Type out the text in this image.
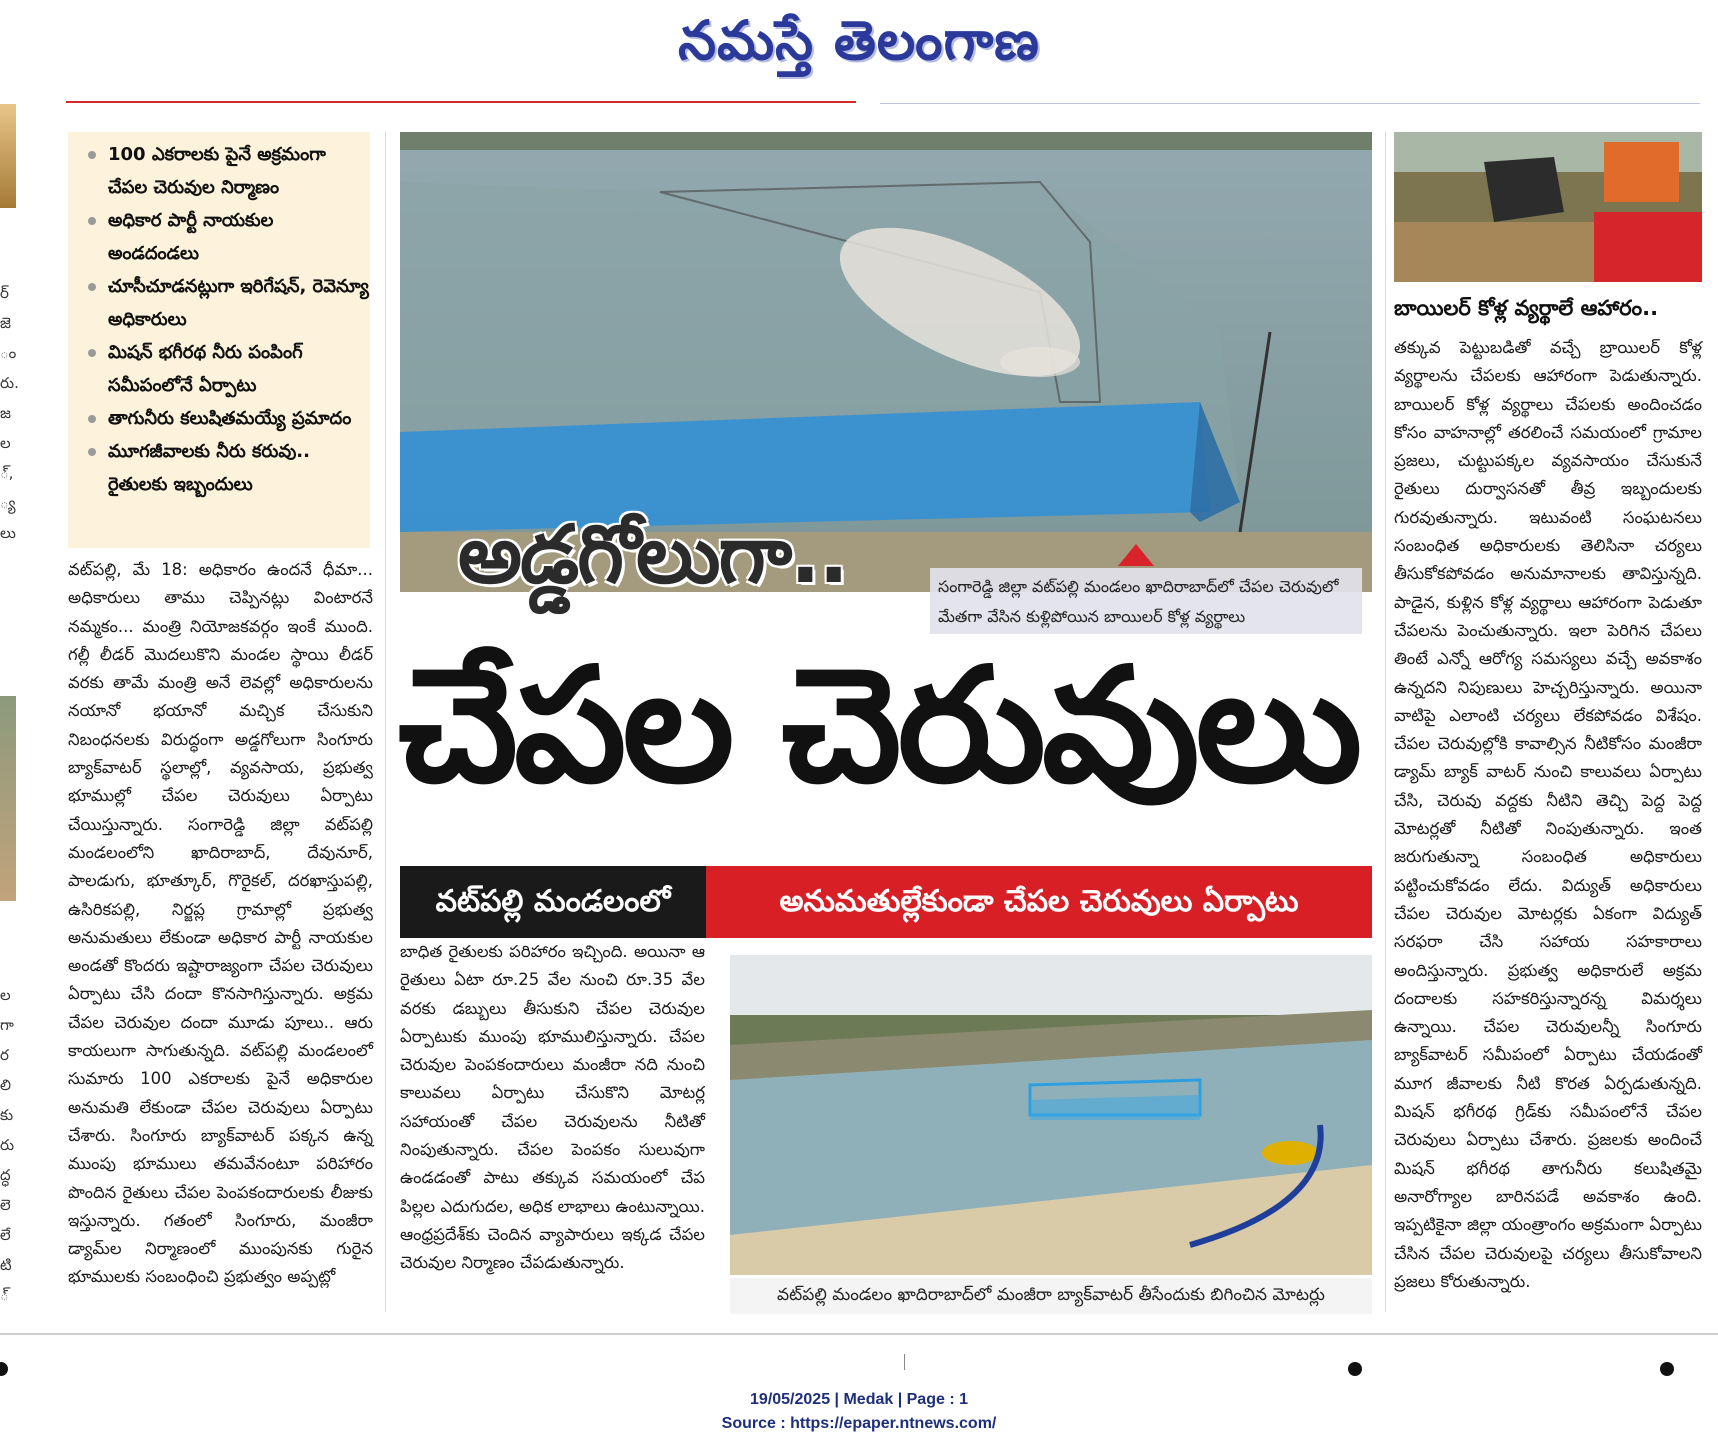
నమస్తే తెలంగాణ
ర్ జె ం రు. జ ల ్, ్య లు
ల గా ర లి కు రు ద్ధ లె లే టి ్
100 ఎకరాలకు పైనే అక్రమంగా చేపల చెరువుల నిర్మాణం
అధికార పార్టీ నాయకుల అండదండలు
చూసీచూడనట్లుగా ఇరిగేషన్, రెవెన్యూ అధికారులు
మిషన్ భగీరథ నీరు పంపింగ్ సమీపంలోనే ఏర్పాటు
తాగునీరు కలుషితమయ్యే ప్రమాదం
మూగజీవాలకు నీరు కరువు.. రైతులకు ఇబ్బందులు
వట్‌పల్లి, మే 18: అధికారం ఉందనే ధీమా... అధికారులు తాము చెప్పినట్లు వింటారనే నమ్మకం... మంత్రి నియోజకవర్గం ఇంకే ముంది. గల్లీ లీడర్ మొదలుకొని మండల స్థాయి లీడర్ వరకు తామే మంత్రి అనే లెవల్లో అధికారులను నయానో భయానో మచ్చిక చేసుకుని నిబంధనలకు విరుద్ధంగా అడ్డగోలుగా సింగూరు బ్యాక్‌వాటర్ స్థలాల్లో, వ్యవసాయ, ప్రభుత్వ భూముల్లో చేపల చెరువులు ఏర్పాటు చేయిస్తున్నారు. సంగారెడ్డి జిల్లా వట్‌పల్లి మండలంలోని ఖాదిరాబాద్, దేవునూర్, పాలడుగు, భూత్కూర్, గొరైకల్, దరఖాస్తుపల్లి, ఉసిరికపల్లి, నిర్జప్ల గ్రామాల్లో ప్రభుత్వ అనుమతులు లేకుండా అధికార పార్టీ నాయకుల అండతో కొందరు ఇష్టారాజ్యంగా చేపల చెరువులు ఏర్పాటు చేసి దందా కొనసాగిస్తున్నారు. అక్రమ చేపల చెరువుల దందా మూడు పూలు.. ఆరు కాయలుగా సాగుతున్నది. వట్‌పల్లి మండలంలో సుమారు 100 ఎకరాలకు పైనే అధికారుల అనుమతి లేకుండా చేపల చెరువులు ఏర్పాటు చేశారు. సింగూరు బ్యాక్‌వాటర్ పక్కన ఉన్న ముంపు భూములు తమవేనంటూ పరిహారం పొందిన రైతులు చేపల పెంపకందారులకు లీజుకు ఇస్తున్నారు. గతంలో సింగూరు, మంజీరా డ్యామ్‌ల నిర్మాణంలో ముంపునకు గురైన భూములకు సంబంధించి ప్రభుత్వం అప్పట్లో
బాధిత రైతులకు పరిహారం ఇచ్చింది. అయినా ఆ రైతులు ఏటా రూ.25 వేల నుంచి రూ.35 వేల వరకు డబ్బులు తీసుకుని చేపల చెరువుల ఏర్పాటుకు ముంపు భూములిస్తున్నారు. చేపల చెరువుల పెంపకందారులు మంజీరా నది నుంచి కాలువలు ఏర్పాటు చేసుకొని మోటర్ల సహాయంతో చేపల చెరువులను నీటితో నింపుతున్నారు. చేపల పెంపకం సులువుగా ఉండడంతో పాటు తక్కువ సమయంలో చేప పిల్లల ఎదుగుదల, అధిక లాభాలు ఉంటున్నాయి. ఆంధ్రప్రదేశ్‌కు చెందిన వ్యాపారులు ఇక్కడ చేపల చెరువుల నిర్మాణం చేపడుతున్నారు.
తక్కువ పెట్టుబడితో వచ్చే బ్రాయిలర్ కోళ్ల వ్యర్థాలను చేపలకు ఆహారంగా పెడుతున్నారు. బాయిలర్ కోళ్ల వ్యర్థాలు చేపలకు అందించడం కోసం వాహనాల్లో తరలించే సమయంలో గ్రామాల ప్రజలు, చుట్టుపక్కల వ్యవసాయం చేసుకునే రైతులు దుర్వాసనతో తీవ్ర ఇబ్బందులకు గురవుతున్నారు. ఇటువంటి సంఘటనలు సంబంధిత అధికారులకు తెలిసినా చర్యలు తీసుకోకపోవడం అనుమానాలకు తావిస్తున్నది. పాడైన, కుళ్లిన కోళ్ల వ్యర్థాలు ఆహారంగా పెడుతూ చేపలను పెంచుతున్నారు. ఇలా పెరిగిన చేపలు తింటే ఎన్నో ఆరోగ్య సమస్యలు వచ్చే అవకాశం ఉన్నదని నిపుణులు హెచ్చరిస్తున్నారు. అయినా వాటిపై ఎలాంటి చర్యలు లేకపోవడం విశేషం. చేపల చెరువుల్లోకి కావాల్సిన నీటికోసం మంజీరా డ్యామ్ బ్యాక్ వాటర్ నుంచి కాలువలు ఏర్పాటు చేసి, చెరువు వద్దకు నీటిని తెచ్చి పెద్ద పెద్ద మోటర్లతో నీటితో నింపుతున్నారు. ఇంత జరుగుతున్నా సంబంధిత అధికారులు పట్టించుకోవడం లేదు. విద్యుత్ అధికారులు చేపల చెరువుల మోటర్లకు ఏకంగా విద్యుత్ సరఫరా చేసి సహాయ సహకారాలు అందిస్తున్నారు. ప్రభుత్వ అధికారులే అక్రమ దందాలకు సహకరిస్తున్నారన్న విమర్శలు ఉన్నాయి. చేపల చెరువులన్నీ సింగూరు బ్యాక్‌వాటర్ సమీపంలో ఏర్పాటు చేయడంతో మూగ జీవాలకు నీటి కొరత ఏర్పడుతున్నది. మిషన్ భగీరథ గ్రిడ్‌కు సమీపంలోనే చేపల చెరువులు ఏర్పాటు చేశారు. ప్రజలకు అందించే మిషన్ భగీరథ తాగునీరు కలుషితమై అనారోగ్యాల బారినపడే అవకాశం ఉంది. ఇప్పటికైనా జిల్లా యంత్రాంగం అక్రమంగా ఏర్పాటు చేసిన చేపల చెరువులపై చర్యలు తీసుకోవాలని ప్రజలు కోరుతున్నారు.
సంగారెడ్డి జిల్లా వట్‌పల్లి మండలం ఖాదిరాబాద్‌లో చేపల చెరువులో మేతగా వేసిన కుళ్లిపోయిన బాయిలర్ కోళ్ల వ్యర్థాలు
అడ్డగోలుగా..
చేపల చెరువులు
వట్‌పల్లి మండలంలో	అనుమతుల్లేకుండా చేపల చెరువులు ఏర్పాటు
వట్‌పల్లి మండలం ఖాదిరాబాద్‌లో మంజీరా బ్యాక్‌వాటర్ తీసేందుకు బిగించిన మోటర్లు
బాయిలర్ కోళ్ల వ్యర్థాలే ఆహారం..
19/05/2025 | Medak | Page : 1
Source : https://epaper.ntnews.com/
